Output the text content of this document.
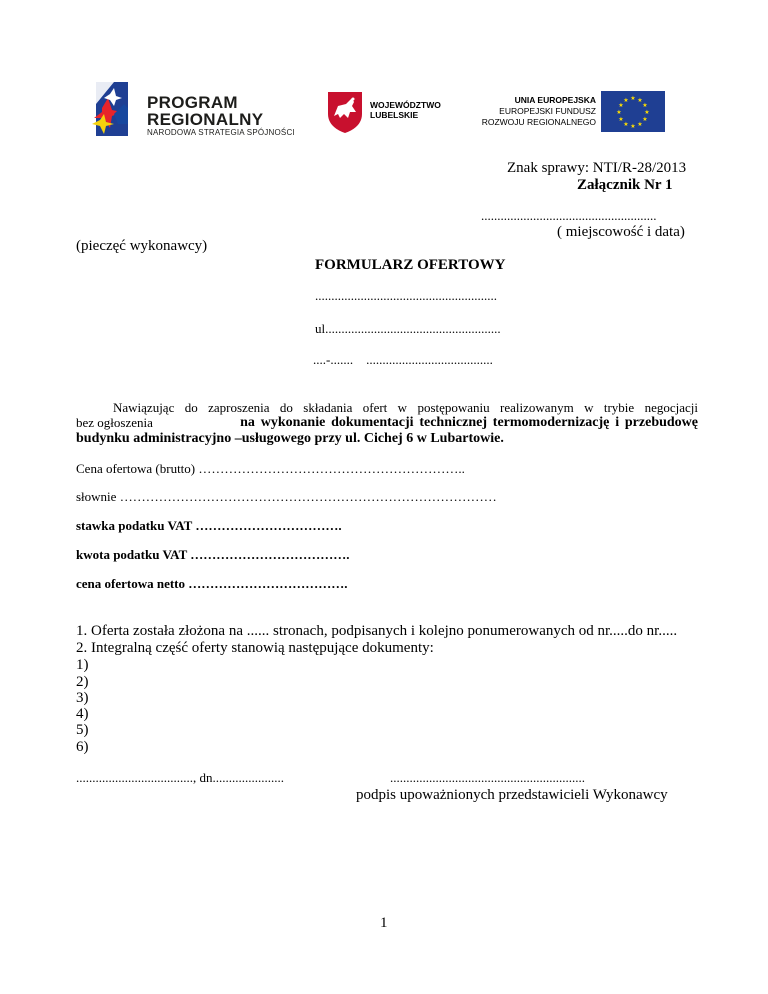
PROGRAM
REGIONALNY
NARODOWA STRATEGIA SPÓJNOŚCI
WOJEWÓDZTWO
LUBELSKIE
UNIA EUROPEJSKA
EUROPEJSKI FUNDUSZ
ROZWOJU REGIONALNEGO
★ ★
★
★
★
★
★
★
★
★
★
★
Znak sprawy: NTI/R-28/2013
Załącznik Nr 1
......................................................
( miejscowość i data)
(pieczęć wykonawcy)
FORMULARZ OFERTOWY
........................................................
ul......................................................
....-.......    .......................................
Nawiązując do zaproszenia do składania ofert w postępowaniu realizowanym w trybie negocjacji
bez ogłoszenia	na wykonanie dokumentacji technicznej termomodernizację i przebudowę
budynku administracyjno –usługowego przy ul. Cichej 6 w Lubartowie.
Cena ofertowa (brutto) ……………………………………………………..
słownie ……………………………………………………………………………
stawka podatku VAT …………………………….
kwota podatku VAT ……………………………….
cena ofertowa netto ……………………………….
1. Oferta została złożona na ...... stronach, podpisanych i kolejno ponumerowanych od nr.....do nr.....
2. Integralną część oferty stanowią następujące dokumenty:
1)
2)
3)
4)
5)
6)
...................................., dn......................	............................................................
podpis upoważnionych przedstawicieli Wykonawcy
1
